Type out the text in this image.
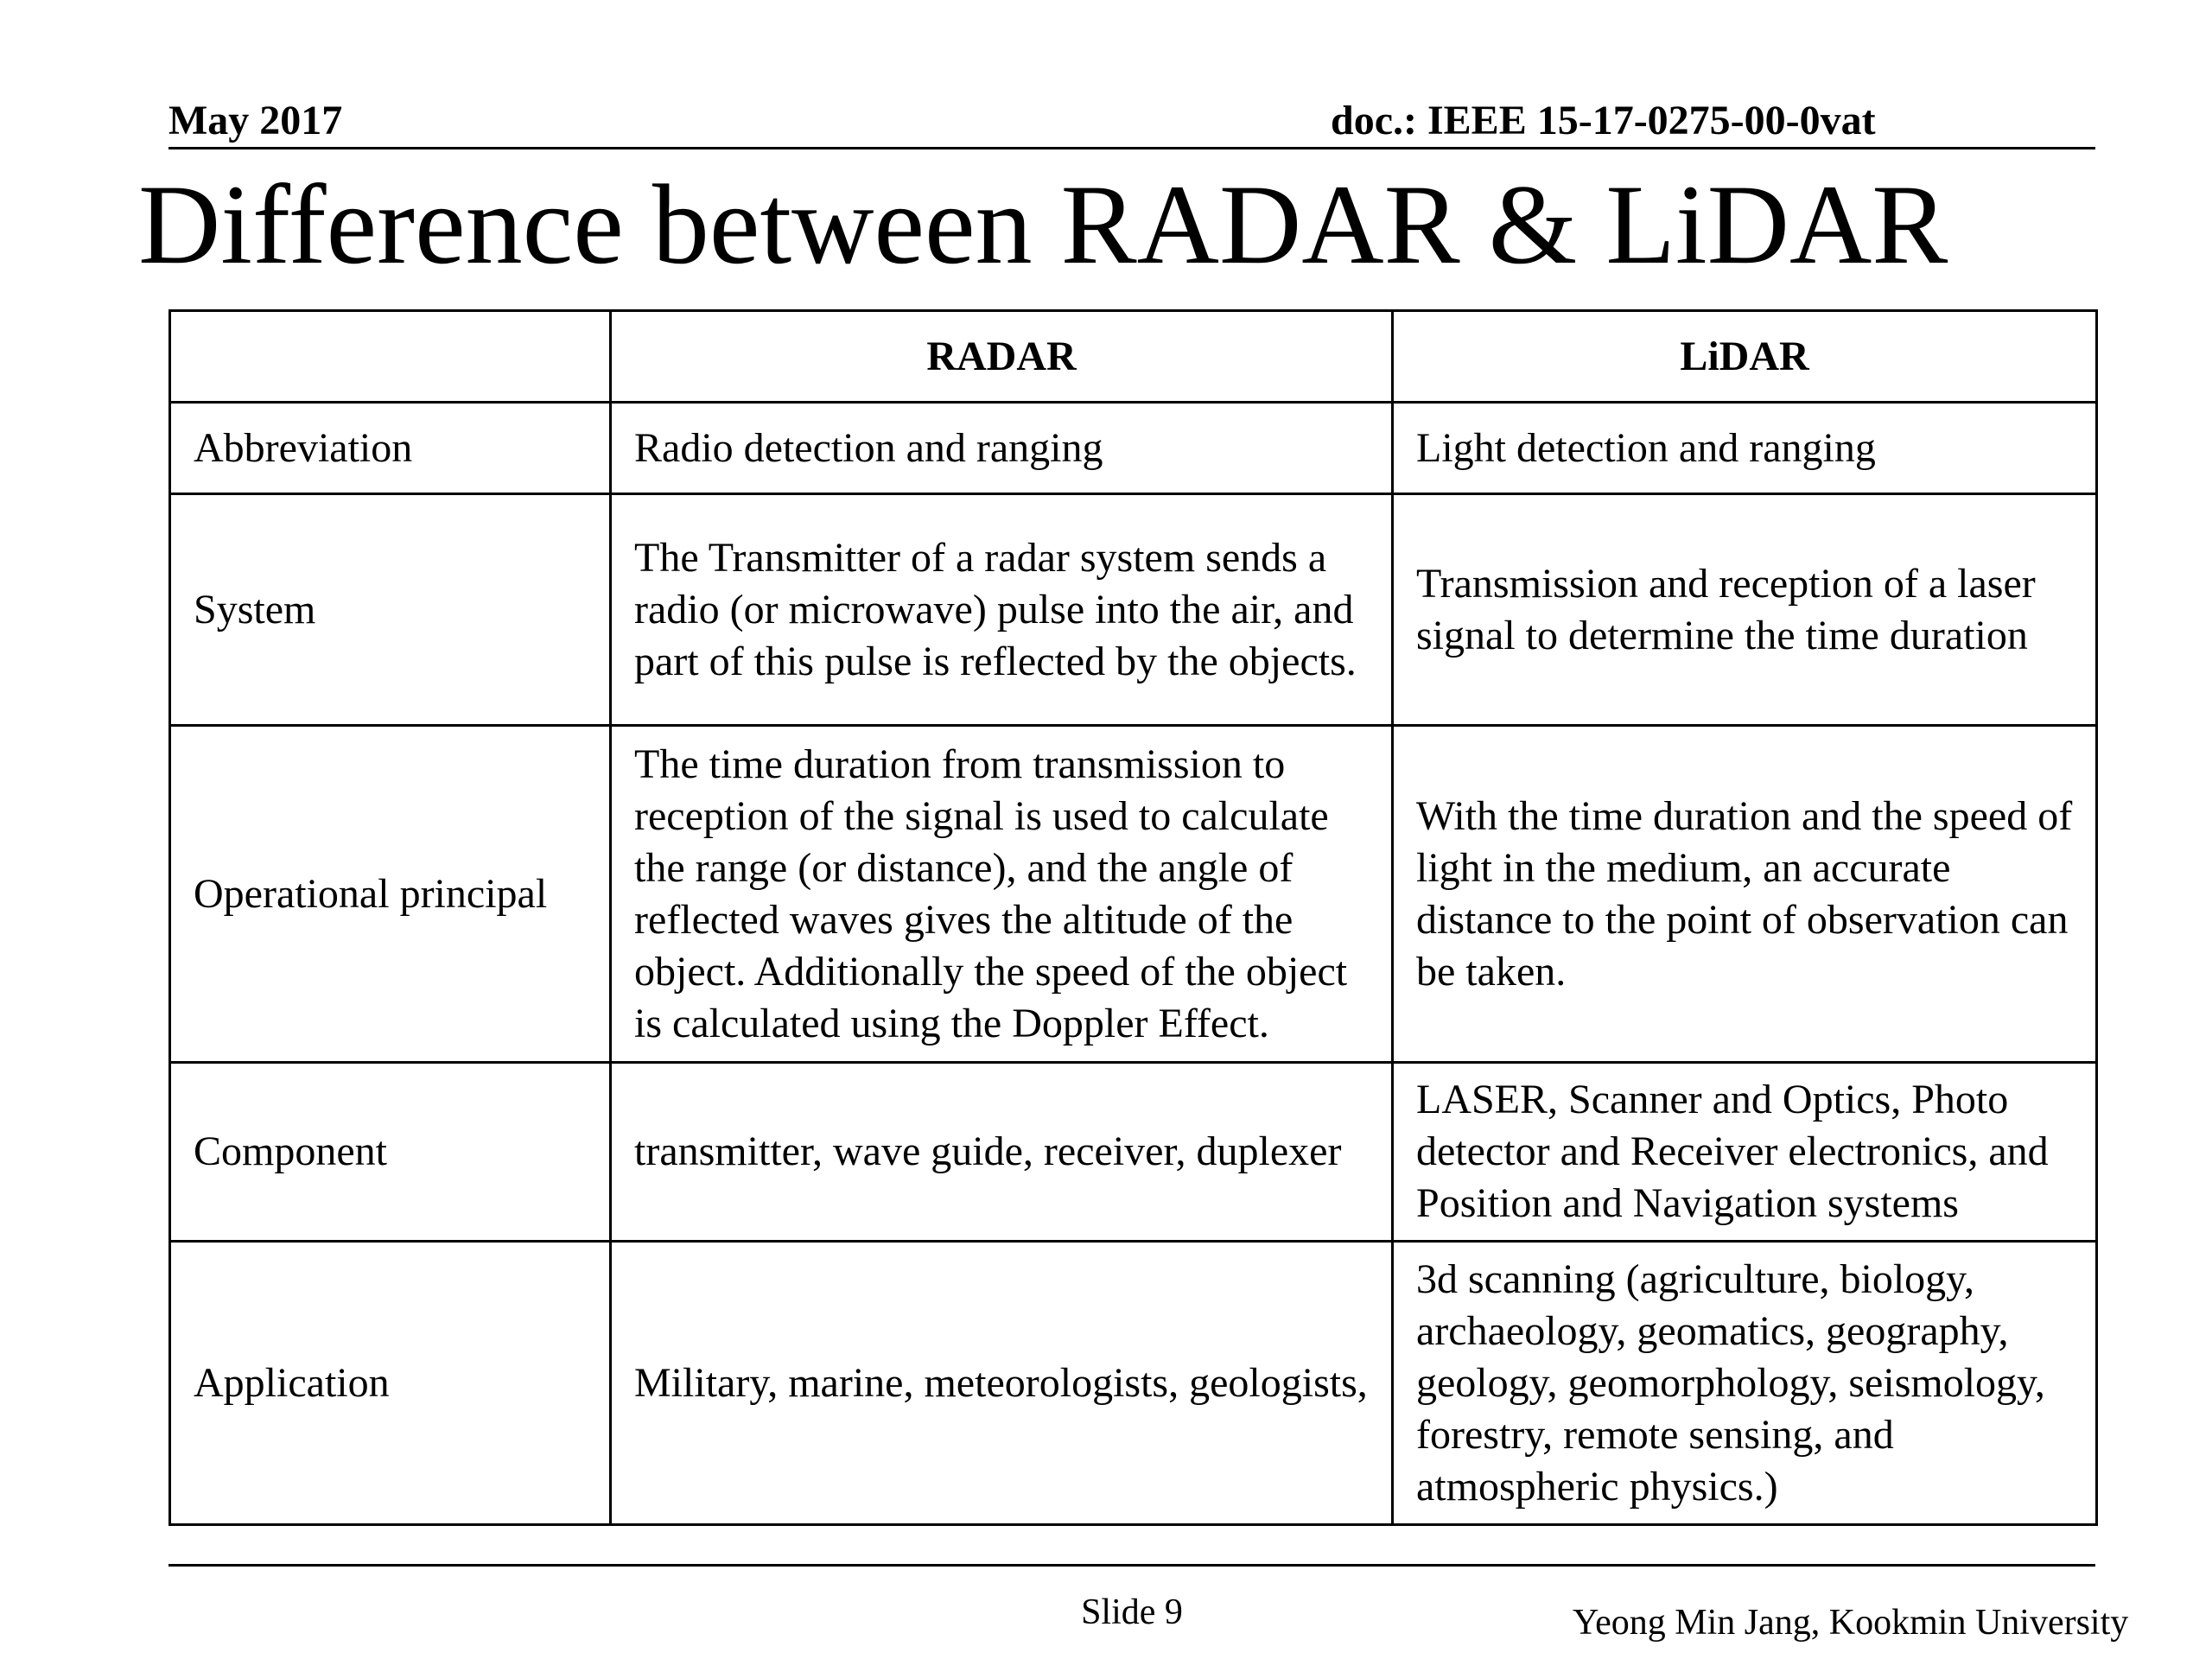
May 2017	doc.: IEEE 15-17-0275-00-0vat
Difference between RADAR & LiDAR
	RADAR	LiDAR
Abbreviation	Radio detection and ranging	Light detection and ranging
System	The Transmitter of a radar system sends a radio (or microwave) pulse into the air, and part of this pulse is reflected by the objects.	Transmission and reception of a laser signal to determine the time duration
Operational principal	The time duration from transmission to reception of the signal is used to calculate the range (or distance), and the angle of reflected waves gives the altitude of the object. Additionally the speed of the object is calculated using the Doppler Effect.	With the time duration and the speed of light in the medium, an accurate distance to the point of observation can be taken.
Component	transmitter, wave guide, receiver, duplexer	LASER, Scanner and Optics, Photo detector and Receiver electronics, and Position and Navigation systems
Application	Military, marine, meteorologists, geologists,	3d scanning (agriculture, biology, archaeology, geomatics, geography, geology, geomorphology, seismology, forestry, remote sensing, and atmospheric physics.)
Slide 9	Yeong Min Jang, Kookmin University
